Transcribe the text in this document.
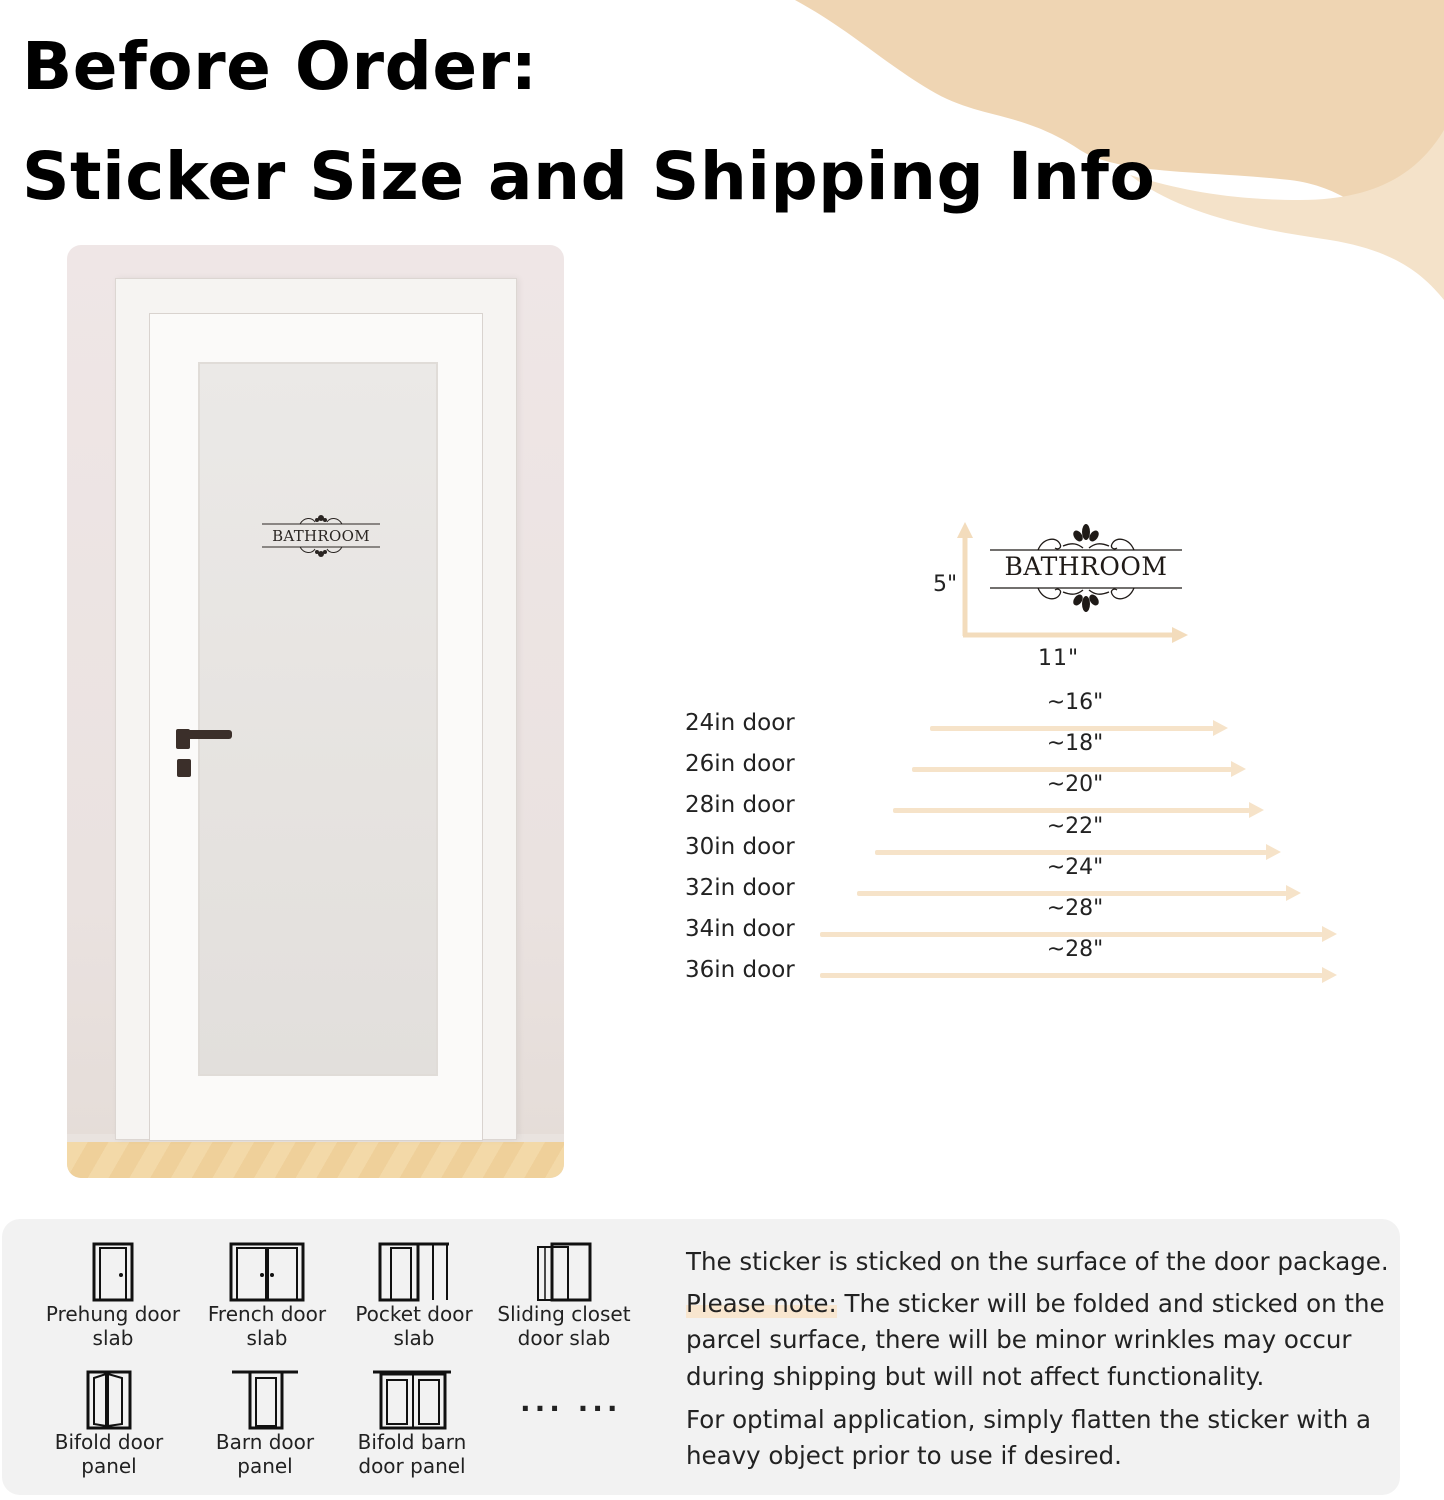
Before Order:
Sticker Size and Shipping Info
BATHROOM
BATHROOM
5"
11"
24in door
~16"
26in door
~18"
28in door
~20"
30in door
~22"
32in door
~24"
34in door
~28"
36in door
~28"
Prehung door
slab
French door
slab
Pocket door
slab
Sliding closet
door slab
Bifold door
panel
Barn door
panel
Bifold barn
door panel
... ...
The sticker is sticked on the surface of the door package.
Please note: The sticker will be folded and sticked on the
parcel surface, there will be minor wrinkles may occur
during shipping but will not affect functionality.
For optimal application, simply flatten the sticker with a
heavy object prior to use if desired.
